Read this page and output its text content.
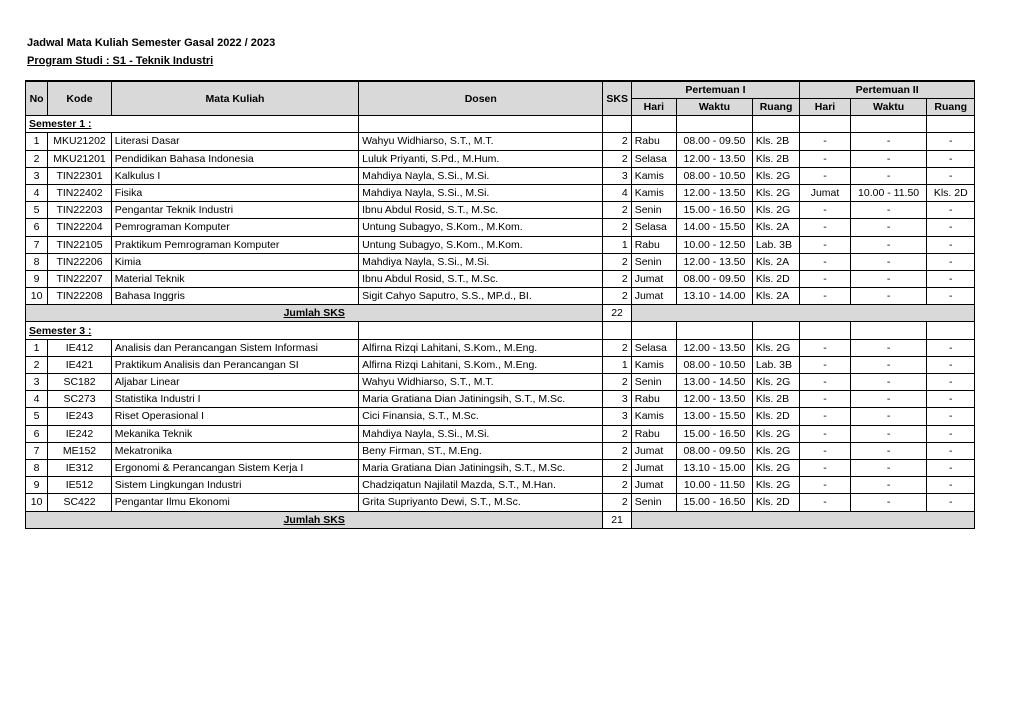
Jadwal Mata Kuliah Semester Gasal 2022 / 2023
Program Studi : S1 - Teknik Industri
No	Kode	Mata Kuliah	Dosen	SKS	Pertemuan I			Pertemuan II		
					Hari	Waktu	Ruang	Hari	Waktu	Ruang
Semester 1 :										
1	MKU21202	Literasi Dasar	Wahyu Widhiarso, S.T., M.T.	2	Rabu	08.00 - 09.50	Kls. 2B	-	-	-
2	MKU21201	Pendidikan Bahasa Indonesia	Luluk Priyanti, S.Pd., M.Hum.	2	Selasa	12.00 - 13.50	Kls. 2B	-	-	-
3	TIN22301	Kalkulus I	Mahdiya Nayla, S.Si., M.Si.	3	Kamis	08.00 - 10.50	Kls. 2G	-	-	-
4	TIN22402	Fisika	Mahdiya Nayla, S.Si., M.Si.	4	Kamis	12.00 - 13.50	Kls. 2G	Jumat	10.00 - 11.50	Kls. 2D
5	TIN22203	Pengantar Teknik Industri	Ibnu Abdul Rosid, S.T., M.Sc.	2	Senin	15.00 - 16.50	Kls. 2G	-	-	-
6	TIN22204	Pemrograman Komputer	Untung Subagyo, S.Kom., M.Kom.	2	Selasa	14.00 - 15.50	Kls. 2A	-	-	-
7	TIN22105	Praktikum Pemrograman Komputer	Untung Subagyo, S.Kom., M.Kom.	1	Rabu	10.00 - 12.50	Lab. 3B	-	-	-
8	TIN22206	Kimia	Mahdiya Nayla, S.Si., M.Si.	2	Senin	12.00 - 13.50	Kls. 2A	-	-	-
9	TIN22207	Material Teknik	Ibnu Abdul Rosid, S.T., M.Sc.	2	Jumat	08.00 - 09.50	Kls. 2D	-	-	-
10	TIN22208	Bahasa Inggris	Sigit Cahyo Saputro, S.S., MP.d., BI.	2	Jumat	13.10 - 14.00	Kls. 2A	-	-	-
Jumlah SKS				22						
Semester 3 :										
1	IE412	Analisis dan Perancangan Sistem Informasi	Alfirna Rizqi Lahitani, S.Kom., M.Eng.	2	Selasa	12.00 - 13.50	Kls. 2G	-	-	-
2	IE421	Praktikum Analisis dan Perancangan SI	Alfirna Rizqi Lahitani, S.Kom., M.Eng.	1	Kamis	08.00 - 10.50	Lab. 3B	-	-	-
3	SC182	Aljabar Linear	Wahyu Widhiarso, S.T., M.T.	2	Senin	13.00 - 14.50	Kls. 2G	-	-	-
4	SC273	Statistika Industri I	Maria Gratiana Dian Jatiningsih, S.T., M.Sc.	3	Rabu	12.00 - 13.50	Kls. 2B	-	-	-
5	IE243	Riset Operasional I	Cici Finansia, S.T., M.Sc.	3	Kamis	13.00 - 15.50	Kls. 2D	-	-	-
6	IE242	Mekanika Teknik	Mahdiya Nayla, S.Si., M.Si.	2	Rabu	15.00 - 16.50	Kls. 2G	-	-	-
7	ME152	Mekatronika	Beny Firman, ST., M.Eng.	2	Jumat	08.00 - 09.50	Kls. 2G	-	-	-
8	IE312	Ergonomi & Perancangan Sistem Kerja I	Maria Gratiana Dian Jatiningsih, S.T., M.Sc.	2	Jumat	13.10 - 15.00	Kls. 2G	-	-	-
9	IE512	Sistem Lingkungan Industri	Chadziqatun Najilatil Mazda, S.T., M.Han.	2	Jumat	10.00 - 11.50	Kls. 2G	-	-	-
10	SC422	Pengantar Ilmu Ekonomi	Grita Supriyanto Dewi, S.T., M.Sc.	2	Senin	15.00 - 16.50	Kls. 2D	-	-	-
Jumlah SKS				21						
